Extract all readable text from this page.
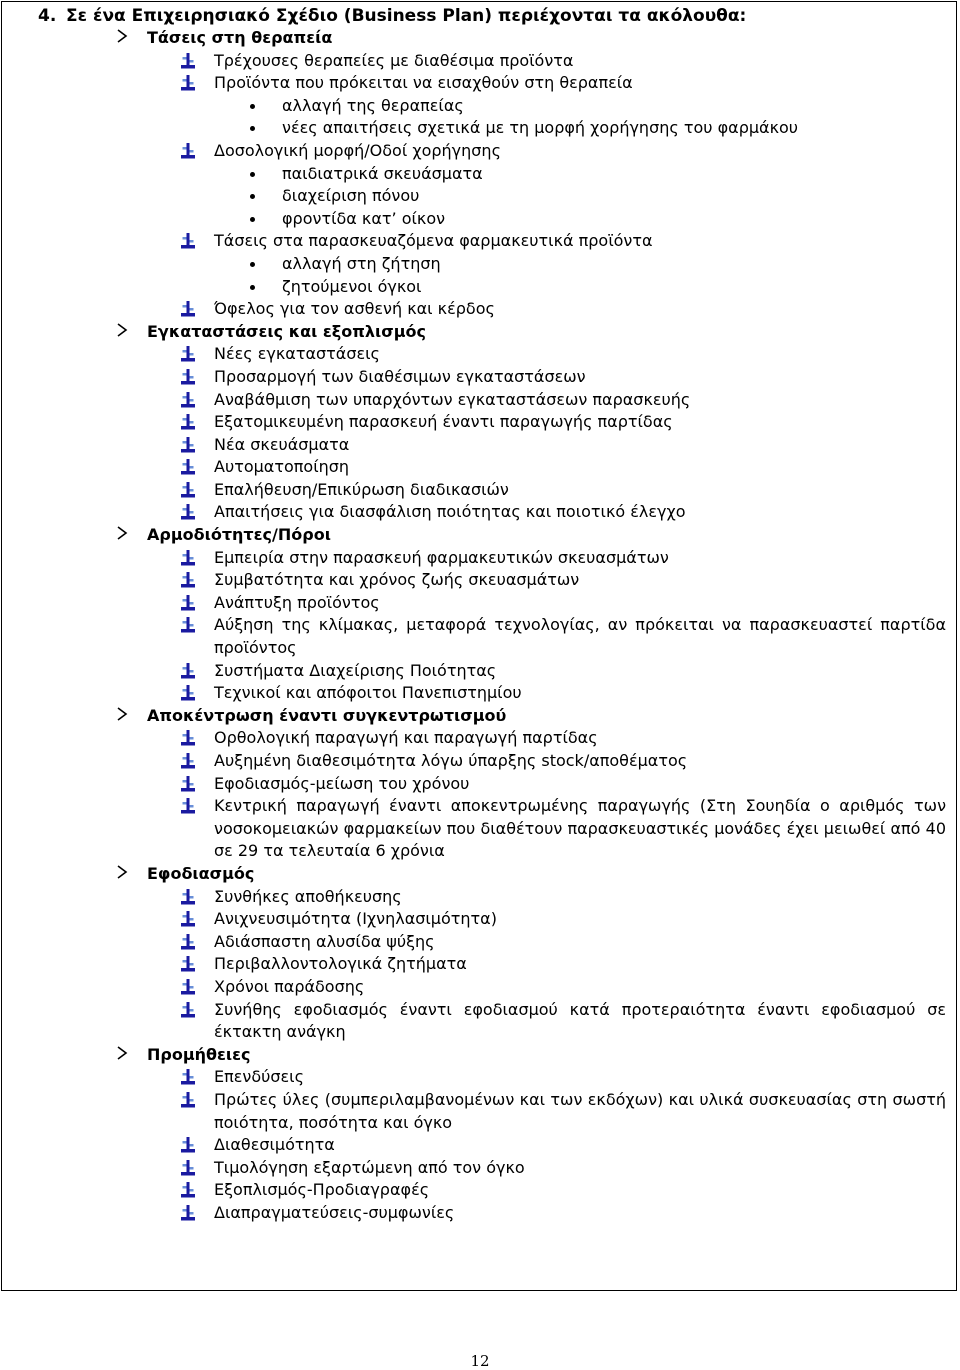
4. Σε ένα Επιχειρησιακό Σχέδιο (Business Plan) περιέχονται τα ακόλουθα:
Τάσεις στη θεραπεία
Τρέχουσες θεραπείες με διαθέσιμα προϊόντα
Προϊόντα που πρόκειται να εισαχθούν στη θεραπεία
αλλαγή της θεραπείας
νέες απαιτήσεις σχετικά με τη μορφή χορήγησης του φαρμάκου
Δοσολογική μορφή/Οδοί χορήγησης
παιδιατρικά σκευάσματα
διαχείριση πόνου
φροντίδα κατ’ οίκον
Τάσεις στα παρασκευαζόμενα φαρμακευτικά προϊόντα
αλλαγή στη ζήτηση
ζητούμενοι όγκοι
Όφελος για τον ασθενή και κέρδος
Εγκαταστάσεις και εξοπλισμός
Νέες εγκαταστάσεις
Προσαρμογή των διαθέσιμων εγκαταστάσεων
Αναβάθμιση των υπαρχόντων εγκαταστάσεων παρασκευής
Εξατομικευμένη παρασκευή έναντι παραγωγής παρτίδας
Νέα σκευάσματα
Αυτοματοποίηση
Επαλήθευση/Επικύρωση διαδικασιών
Απαιτήσεις για διασφάλιση ποιότητας και ποιοτικό έλεγχο
Αρμοδιότητες/Πόροι
Εμπειρία στην παρασκευή φαρμακευτικών σκευασμάτων
Συμβατότητα και χρόνος ζωής σκευασμάτων
Ανάπτυξη προϊόντος
Αύξηση της κλίμακας, μεταφορά τεχνολογίας, αν πρόκειται να παρασκευαστεί παρτίδα προϊόντος
Συστήματα Διαχείρισης Ποιότητας
Τεχνικοί και απόφοιτοι Πανεπιστημίου
Αποκέντρωση έναντι συγκεντρωτισμού
Ορθολογική παραγωγή και παραγωγή παρτίδας
Αυξημένη διαθεσιμότητα λόγω ύπαρξης stock/αποθέματος
Εφοδιασμός-μείωση του χρόνου
Κεντρική παραγωγή έναντι αποκεντρωμένης παραγωγής (Στη Σουηδία ο αριθμός των νοσοκομειακών φαρμακείων που διαθέτουν παρασκευαστικές μονάδες έχει μειωθεί από 40 σε 29 τα τελευταία 6 χρόνια
Εφοδιασμός
Συνθήκες αποθήκευσης
Ανιχνευσιμότητα (Ιχνηλασιμότητα)
Αδιάσπαστη αλυσίδα ψύξης
Περιβαλλοντολογικά ζητήματα
Χρόνοι παράδοσης
Συνήθης εφοδιασμός έναντι εφοδιασμού κατά προτεραιότητα έναντι εφοδιασμού σε έκτακτη ανάγκη
Προμήθειες
Επενδύσεις
Πρώτες ύλες (συμπεριλαμβανομένων και των εκδόχων) και υλικά συσκευασίας στη σωστή ποιότητα, ποσότητα και όγκο
Διαθεσιμότητα
Τιμολόγηση εξαρτώμενη από τον όγκο
Εξοπλισμός-Προδιαγραφές
Διαπραγματεύσεις-συμφωνίες
12
